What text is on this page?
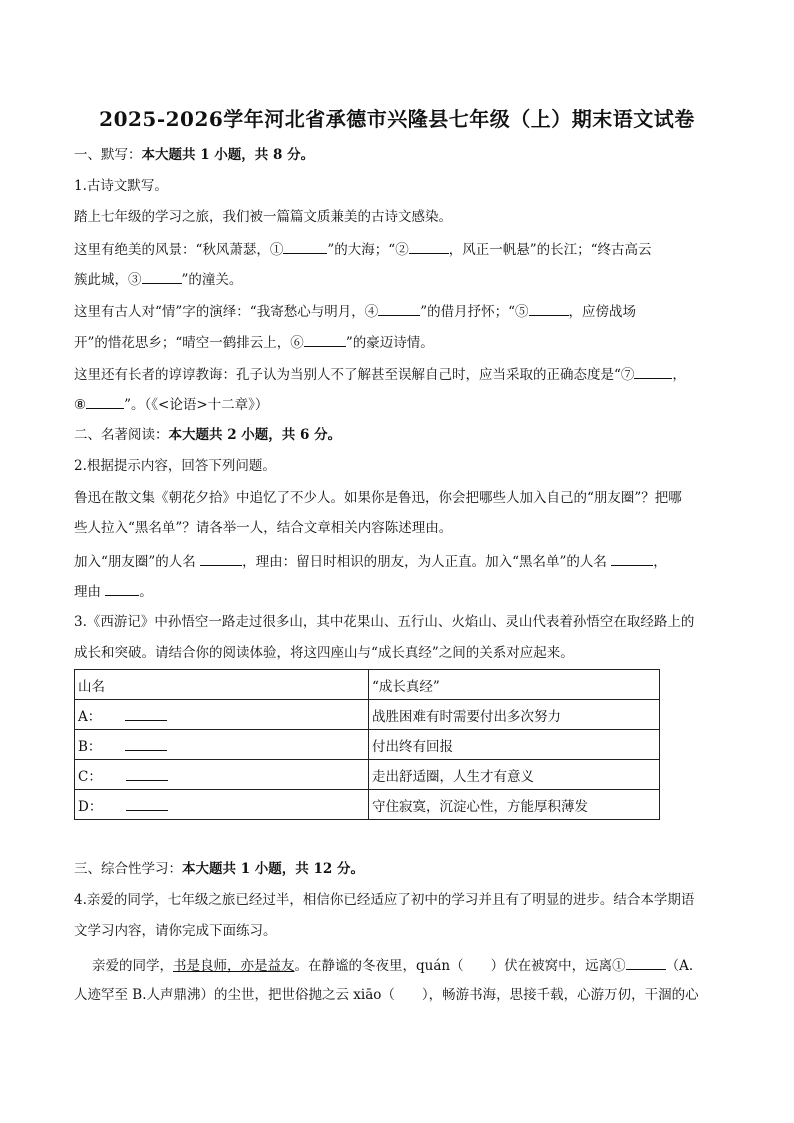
2025-2026学年河北省承德市兴隆县七年级（上）期末语文试卷
一、默写：本大题共 1 小题，共 8 分。
1.古诗文默写。
踏上七年级的学习之旅，我们被一篇篇文质兼美的古诗文感染。
这里有绝美的风景：“秋风萧瑟，①	”的大海；“②	，风正一帆悬”的长江；“终古高云
簇此城，③	”的潼关。
这里有古人对“情”字的演绎：“我寄愁心与明月，④	”的借月抒怀；“⑤	，应傍战场
开”的惜花思乡；“晴空一鹤排云上，⑥	”的豪迈诗情。
这里还有长者的谆谆教诲：孔子认为当别人不了解甚至误解自己时，应当采取的正确态度是“⑦	，
⑧	”。（《<论语>十二章》）
二、名著阅读：本大题共 2 小题，共 6 分。
2.根据提示内容，回答下列问题。
鲁迅在散文集《朝花夕拾》中追忆了不少人。如果你是鲁迅，你会把哪些人加入自己的“朋友圈”？把哪
些人拉入“黑名单”？请各举一人，结合文章相关内容陈述理由。
加入“朋友圈”的人名	，理由：留日时相识的朋友，为人正直。加入“黑名单”的人名	，
理由	。
3.《西游记》中孙悟空一路走过很多山，其中花果山、五行山、火焰山、灵山代表着孙悟空在取经路上的
成长和突破。请结合你的阅读体验，将这四座山与“成长真经”之间的关系对应起来。
山名	“成长真经”
A：	战胜困难有时需要付出多次努力
B：	付出终有回报
C：	走出舒适圈，人生才有意义
D：	守住寂寞，沉淀心性，方能厚积薄发
三、综合性学习：本大题共 1 小题，共 12 分。
4.亲爱的同学，七年级之旅已经过半，相信你已经适应了初中的学习并且有了明显的进步。结合本学期语
文学习内容，请你完成下面练习。
亲爱的同学，书是良师，亦是益友。在静谧的冬夜里，quán（　　）伏在被窝中，远离①	（A.
人迹罕至 B.人声鼎沸）的尘世，把世俗抛之云 xiāo（　　），畅游书海，思接千载，心游万仞，干涸的心
